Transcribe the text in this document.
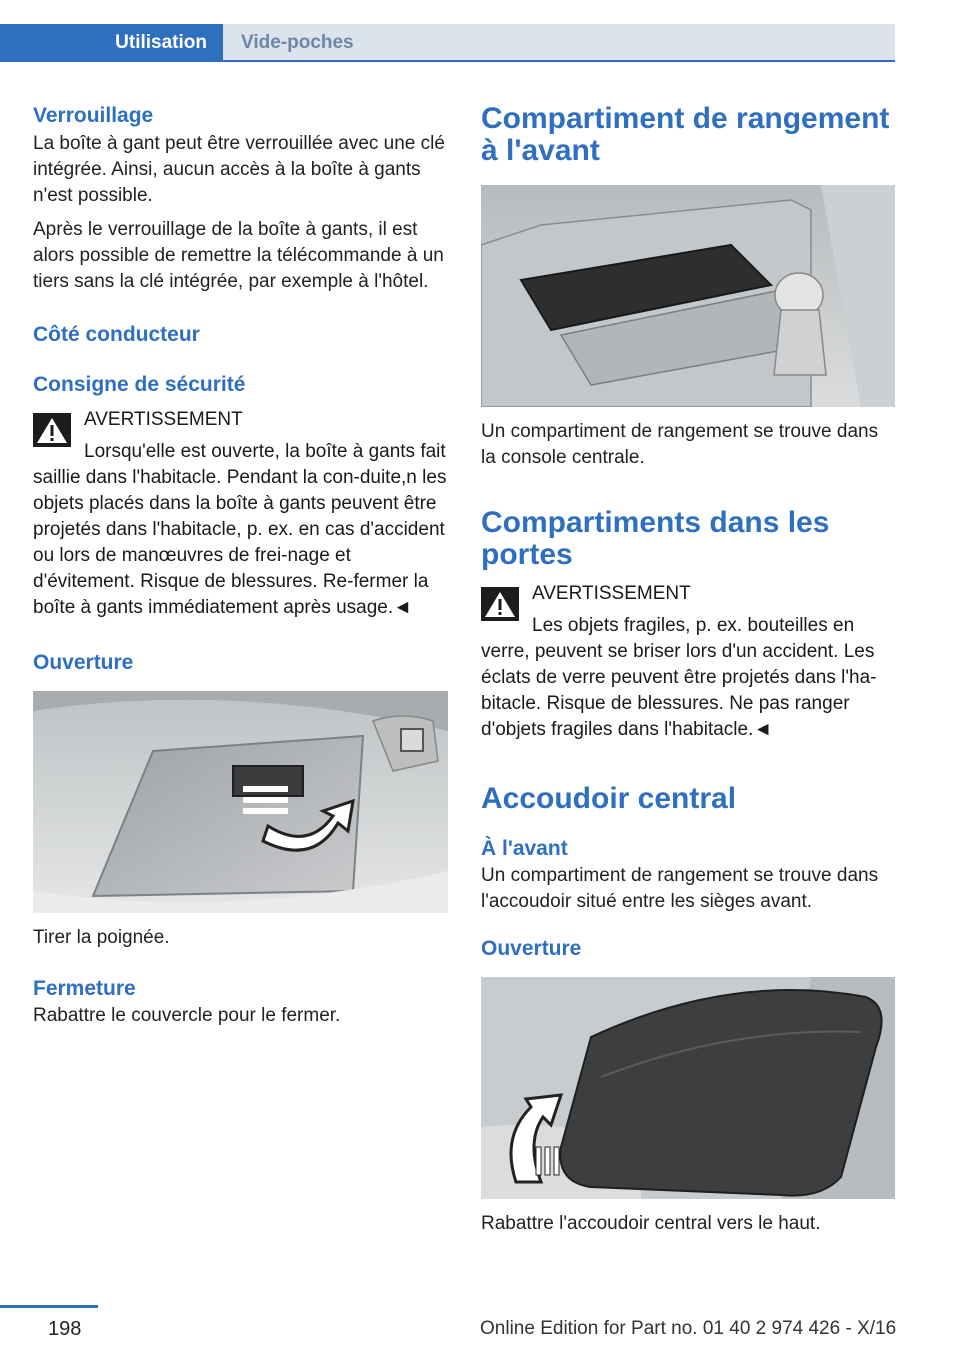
Utilisation	Vide-poches
Verrouillage
La boîte à gant peut être verrouillée avec une clé intégrée. Ainsi, aucun accès à la boîte à gants n'est possible.
Après le verrouillage de la boîte à gants, il est alors possible de remettre la télécommande à un tiers sans la clé intégrée, par exemple à l'hôtel.
Côté conducteur
Consigne de sécurité
AVERTISSEMENT
Lorsqu'elle est ouverte, la boîte à gants fait saillie dans l'habitacle. Pendant la con‐duite,n les objets placés dans la boîte à gants peuvent être projetés dans l'habitacle, p. ex. en cas d'accident ou lors de manœuvres de frei‐nage et d'évitement. Risque de blessures. Re‐fermer la boîte à gants immédiatement après usage.◄
Ouverture
Tirer la poignée.
Fermeture
Rabattre le couvercle pour le fermer.
Compartiment de rangement à l'avant
Un compartiment de rangement se trouve dans la console centrale.
Compartiments dans les portes
AVERTISSEMENT
Les objets fragiles, p. ex. bouteilles en verre, peuvent se briser lors d'un accident. Les éclats de verre peuvent être projetés dans l'ha‐bitacle. Risque de blessures. Ne pas ranger d'objets fragiles dans l'habitacle.◄
Accoudoir central
À l'avant
Un compartiment de rangement se trouve dans l'accoudoir situé entre les sièges avant.
Ouverture
Rabattre l'accoudoir central vers le haut.
198	Online Edition for Part no. 01 40 2 974 426 - X/16
